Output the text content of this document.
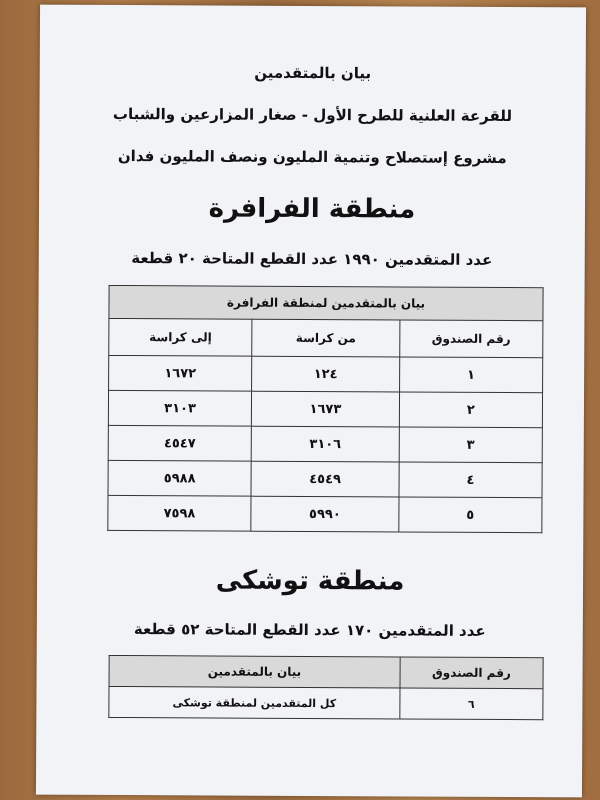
بيان بالمتقدمين
للقرعة العلنية للطرح الأول - صغار المزارعين والشباب
مشروع إستصلاح وتنمية المليون ونصف المليون فدان
منطقة الفرافرة
عدد المتقدمين ١٩٩٠ عدد القطع المتاحة ٢٠ قطعة
بيان بالمتقدمين لمنطقة الفرافرة		
رقم الصندوق	من كراسة	إلى كراسة
١	١٢٤	١٦٧٢
٢	١٦٧٣	٣١٠٣
٣	٣١٠٦	٤٥٤٧
٤	٤٥٤٩	٥٩٨٨
٥	٥٩٩٠	٧٥٩٨
منطقة توشكى
عدد المتقدمين ١٧٠ عدد القطع المتاحة ٥٢ قطعة
رقم الصندوق	بيان بالمتقدمين
٦	كل المتقدمين لمنطقة توشكى
